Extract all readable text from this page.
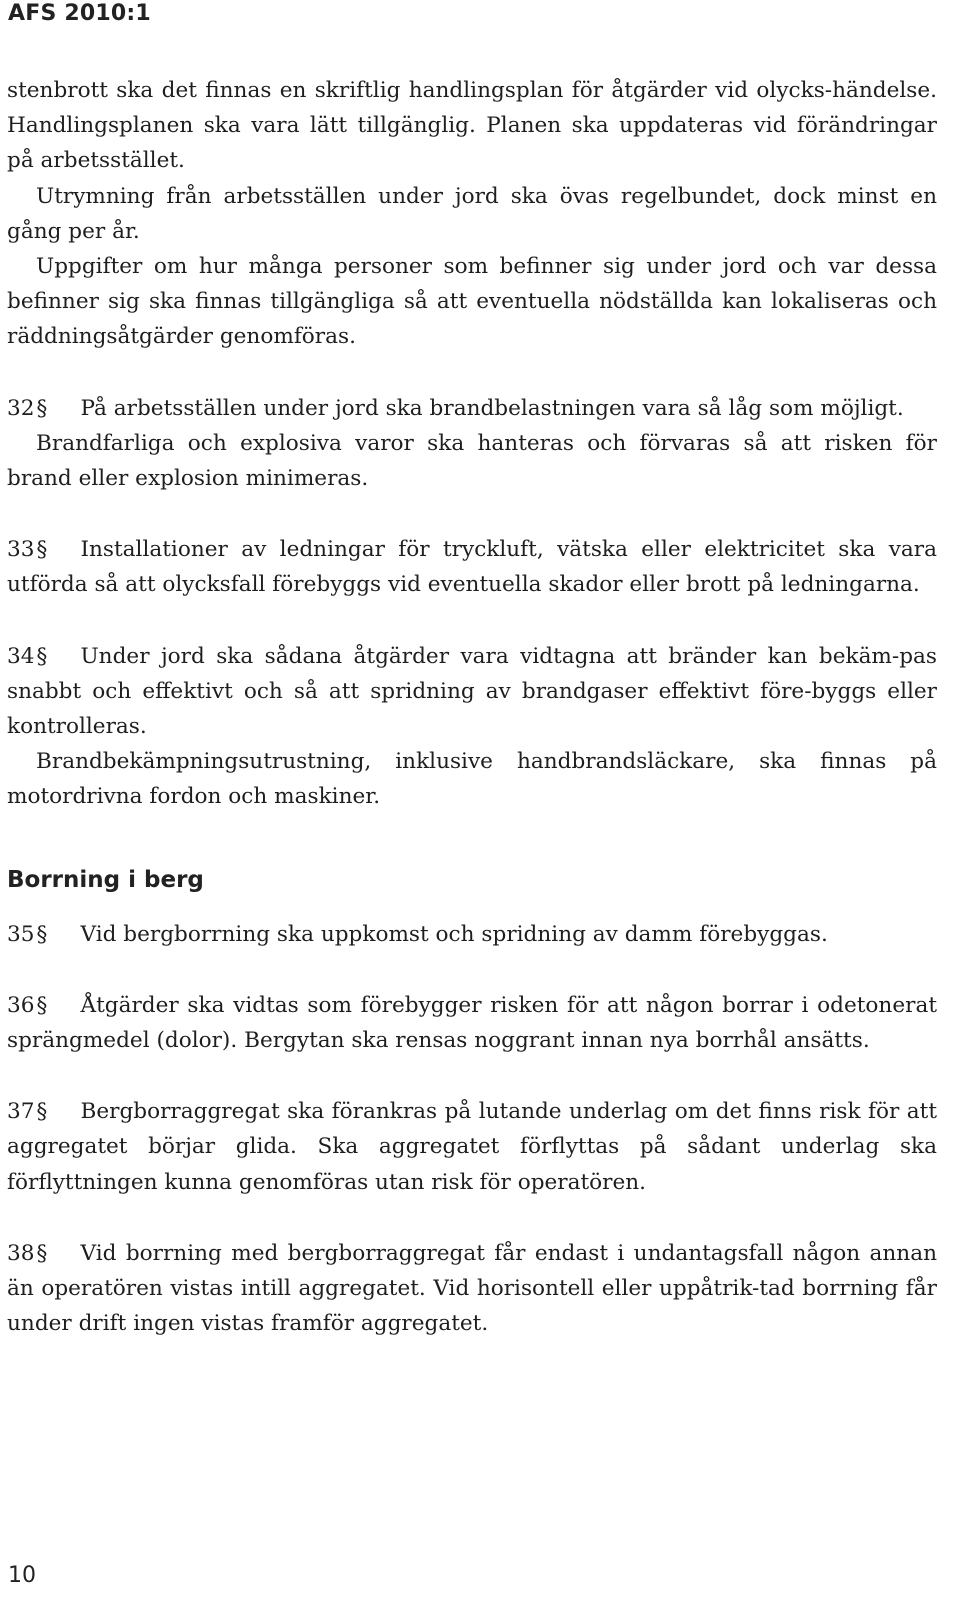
AFS 2010:1

stenbrott ska det finnas en skriftlig handlingsplan för åtgärder vid olycks-händelse. Handlingsplanen ska vara lätt tillgänglig. Planen ska uppdateras vid förändringar på arbetsstället.

Utrymning från arbetsställen under jord ska övas regelbundet, dock minst en gång per år.

Uppgifter om hur många personer som befinner sig under jord och var dessa befinner sig ska finnas tillgängliga så att eventuella nödställda kan lokaliseras och räddningsåtgärder genomföras.

32§ På arbetsställen under jord ska brandbelastningen vara så låg som möjligt.

Brandfarliga och explosiva varor ska hanteras och förvaras så att risken för brand eller explosion minimeras.

33§ Installationer av ledningar för tryckluft, vätska eller elektricitet ska vara utförda så att olycksfall förebyggs vid eventuella skador eller brott på ledningarna.

34§ Under jord ska sådana åtgärder vara vidtagna att bränder kan bekäm-pas snabbt och effektivt och så att spridning av brandgaser effektivt före-byggs eller kontrolleras.

Brandbekämpningsutrustning, inklusive handbrandsläckare, ska finnas på motordrivna fordon och maskiner.

Borrning i berg

35§ Vid bergborrning ska uppkomst och spridning av damm förebyggas.

36§ Åtgärder ska vidtas som förebygger risken för att någon borrar i odetonerat sprängmedel (dolor). Bergytan ska rensas noggrant innan nya borrhål ansätts.

37§ Bergborraggregat ska förankras på lutande underlag om det finns risk för att aggregatet börjar glida. Ska aggregatet förflyttas på sådant underlag ska förflyttningen kunna genomföras utan risk för operatören.

38§ Vid borrning med bergborraggregat får endast i undantagsfall någon annan än operatören vistas intill aggregatet. Vid horisontell eller uppåtrik-tad borrning får under drift ingen vistas framför aggregatet.

10
